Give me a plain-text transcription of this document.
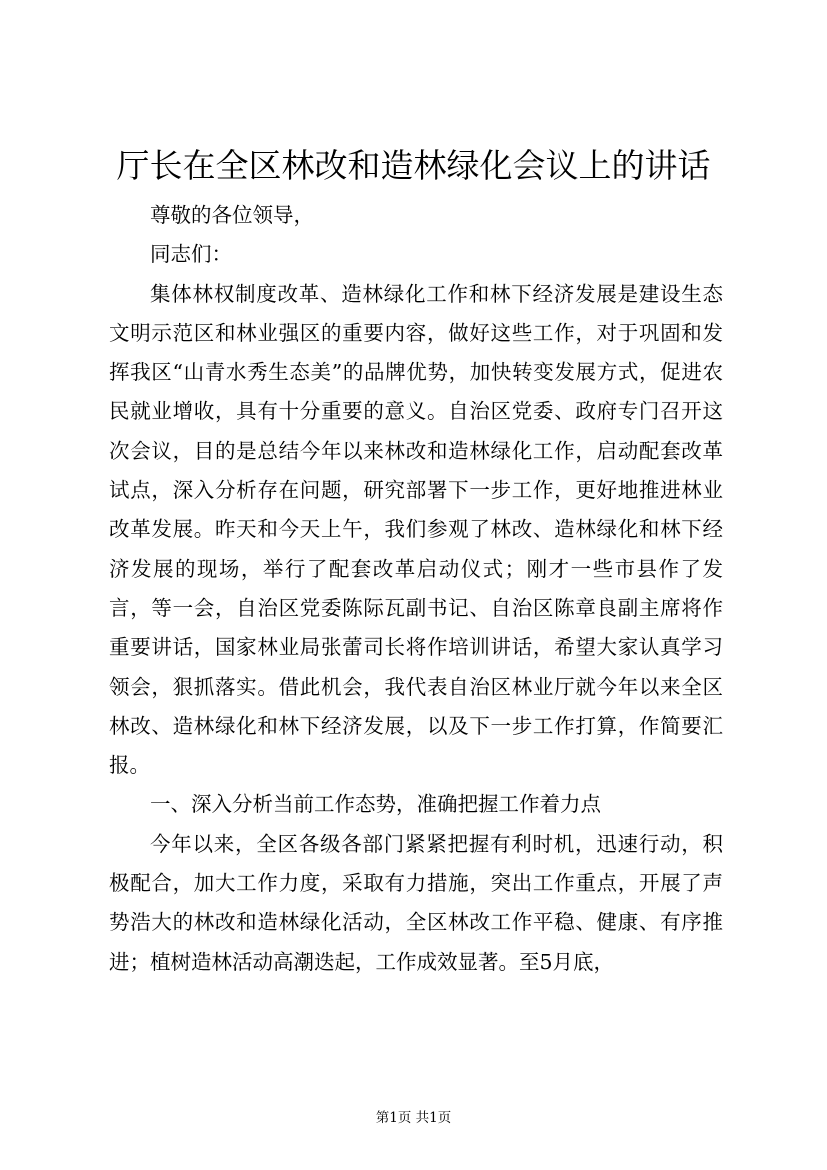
厅长在全区林改和造林绿化会议上的讲话

尊敬的各位领导，

同志们：

集体林权制度改革、造林绿化工作和林下经济发展是建设生态文明示范区和林业强区的重要内容，做好这些工作，对于巩固和发挥我区“山青水秀生态美”的品牌优势，加快转变发展方式，促进农民就业增收，具有十分重要的意义。自治区党委、政府专门召开这次会议，目的是总结今年以来林改和造林绿化工作，启动配套改革试点，深入分析存在问题，研究部署下一步工作，更好地推进林业改革发展。昨天和今天上午，我们参观了林改、造林绿化和林下经济发展的现场，举行了配套改革启动仪式；刚才一些市县作了发言，等一会，自治区党委陈际瓦副书记、自治区陈章良副主席将作重要讲话，国家林业局张蕾司长将作培训讲话，希望大家认真学习领会，狠抓落实。借此机会，我代表自治区林业厅就今年以来全区林改、造林绿化和林下经济发展，以及下一步工作打算，作简要汇报。

一、深入分析当前工作态势，准确把握工作着力点

今年以来，全区各级各部门紧紧把握有利时机，迅速行动，积极配合，加大工作力度，采取有力措施，突出工作重点，开展了声势浩大的林改和造林绿化活动，全区林改工作平稳、健康、有序推进；植树造林活动高潮迭起，工作成效显著。至5月底，

第1页 共1页
